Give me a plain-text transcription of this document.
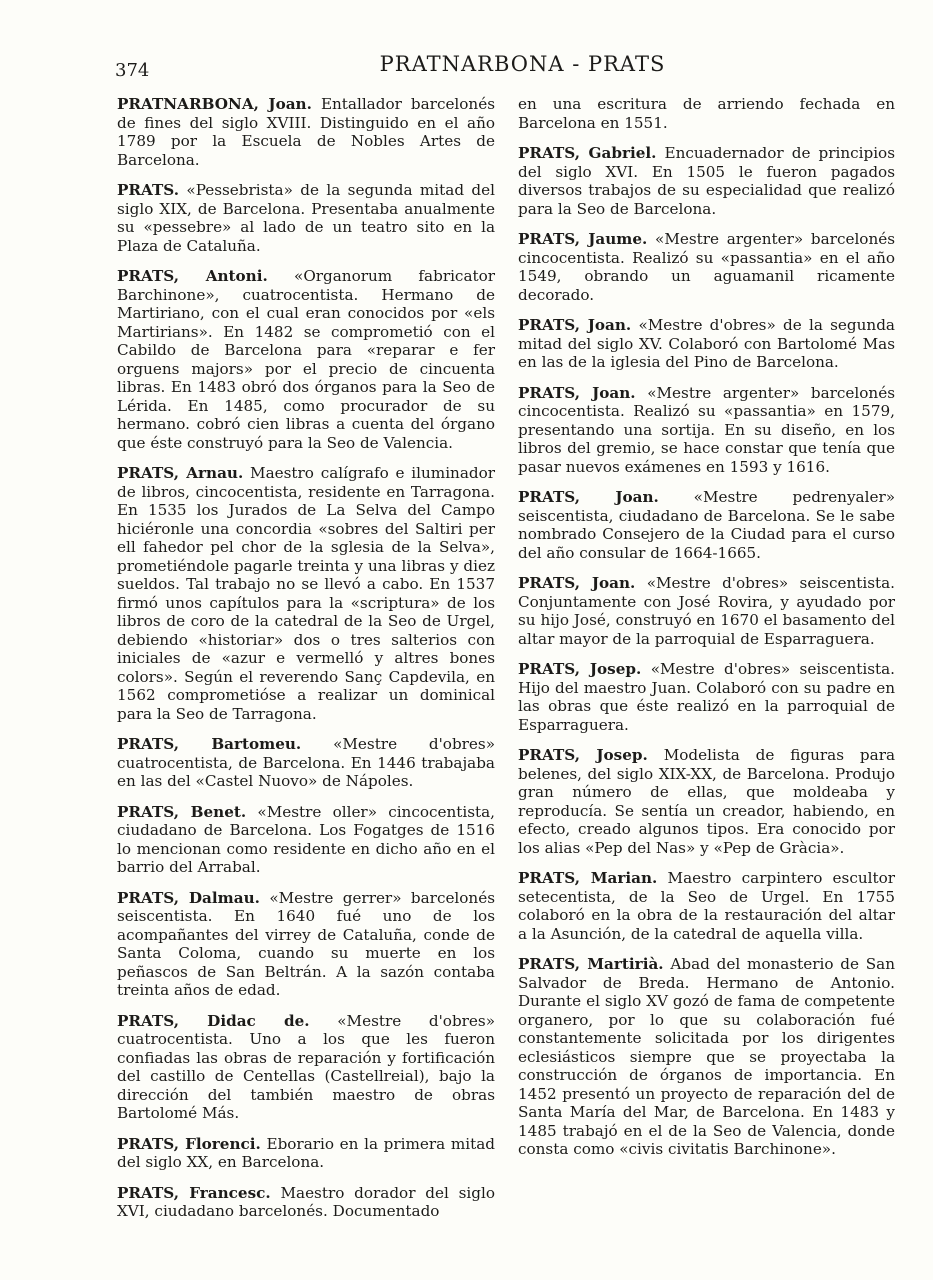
374	PRATNARBONA - PRATS

PRATNARBONA, Joan. Entallador barcelonés de fines del siglo XVIII. Distinguido en el año 1789 por la Escuela de Nobles Artes de Barcelona.

PRATS. «Pessebrista» de la segunda mitad del siglo XIX, de Barcelona. Presentaba anualmente su «pessebre» al lado de un teatro sito en la Plaza de Cataluña.

PRATS, Antoni. «Organorum fabricator Barchinone», cuatrocentista. Hermano de Martiriano, con el cual eran conocidos por «els Martirians». En 1482 se comprometió con el Cabildo de Barcelona para «reparar e fer orguens majors» por el precio de cincuenta libras. En 1483 obró dos órganos para la Seo de Lérida. En 1485, como procurador de su hermano. cobró cien libras a cuenta del órgano que éste construyó para la Seo de Valencia.

PRATS, Arnau. Maestro calígrafo e iluminador de libros, cincocentista, residente en Tarragona. En 1535 los Jurados de La Selva del Campo hiciéronle una concordia «sobres del Saltiri per ell fahedor pel chor de la sglesia de la Selva», prometiéndole pagarle treinta y una libras y diez sueldos. Tal trabajo no se llevó a cabo. En 1537 firmó unos capítulos para la «scriptura» de los libros de coro de la catedral de la Seo de Urgel, debiendo «historiar» dos o tres salterios con iniciales de «azur e vermelló y altres bones colors». Según el reverendo Sanç Capdevila, en 1562 comprometióse a realizar un dominical para la Seo de Tarragona.

PRATS, Bartomeu. «Mestre d'obres» cuatrocentista, de Barcelona. En 1446 trabajaba en las del «Castel Nuovo» de Nápoles.

PRATS, Benet. «Mestre oller» cincocentista, ciudadano de Barcelona. Los Fogatges de 1516 lo mencionan como residente en dicho año en el barrio del Arrabal.

PRATS, Dalmau. «Mestre gerrer» barcelonés seiscentista. En 1640 fué uno de los acompañantes del virrey de Cataluña, conde de Santa Coloma, cuando su muerte en los peñascos de San Beltrán. A la sazón contaba treinta años de edad.

PRATS, Didac de. «Mestre d'obres» cuatrocentista. Uno a los que les fueron confiadas las obras de reparación y fortificación del castillo de Centellas (Castellreial), bajo la dirección del también maestro de obras Bartolomé Más.

PRATS, Florenci. Eborario en la primera mitad del siglo XX, en Barcelona.

PRATS, Francesc. Maestro dorador del siglo XVI, ciudadano barcelonés. Documentado

en una escritura de arriendo fechada en Barcelona en 1551.

PRATS, Gabriel. Encuadernador de principios del siglo XVI. En 1505 le fueron pagados diversos trabajos de su especialidad que realizó para la Seo de Barcelona.

PRATS, Jaume. «Mestre argenter» barcelonés cincocentista. Realizó su «passantia» en el año 1549, obrando un aguamanil ricamente decorado.

PRATS, Joan. «Mestre d'obres» de la segunda mitad del siglo XV. Colaboró con Bartolomé Mas en las de la iglesia del Pino de Barcelona.

PRATS, Joan. «Mestre argenter» barcelonés cincocentista. Realizó su «passantia» en 1579, presentando una sortija. En su diseño, en los libros del gremio, se hace constar que tenía que pasar nuevos exámenes en 1593 y 1616.

PRATS, Joan. «Mestre pedrenyaler» seiscentista, ciudadano de Barcelona. Se le sabe nombrado Consejero de la Ciudad para el curso del año consular de 1664-1665.

PRATS, Joan. «Mestre d'obres» seiscentista. Conjuntamente con José Rovira, y ayudado por su hijo José, construyó en 1670 el basamento del altar mayor de la parroquial de Esparraguera.

PRATS, Josep. «Mestre d'obres» seiscentista. Hijo del maestro Juan. Colaboró con su padre en las obras que éste realizó en la parroquial de Esparraguera.

PRATS, Josep. Modelista de figuras para belenes, del siglo XIX-XX, de Barcelona. Produjo gran número de ellas, que moldeaba y reproducía. Se sentía un creador, habiendo, en efecto, creado algunos tipos. Era conocido por los alias «Pep del Nas» y «Pep de Gràcia».

PRATS, Marian. Maestro carpintero escultor setecentista, de la Seo de Urgel. En 1755 colaboró en la obra de la restauración del altar a la Asunción, de la catedral de aquella villa.

PRATS, Martirià. Abad del monasterio de San Salvador de Breda. Hermano de Antonio. Durante el siglo XV gozó de fama de competente organero, por lo que su colaboración fué constantemente solicitada por los dirigentes eclesiásticos siempre que se proyectaba la construcción de órganos de importancia. En 1452 presentó un proyecto de reparación del de Santa María del Mar, de Barcelona. En 1483 y 1485 trabajó en el de la Seo de Valencia, donde consta como «civis civitatis Barchinone».
